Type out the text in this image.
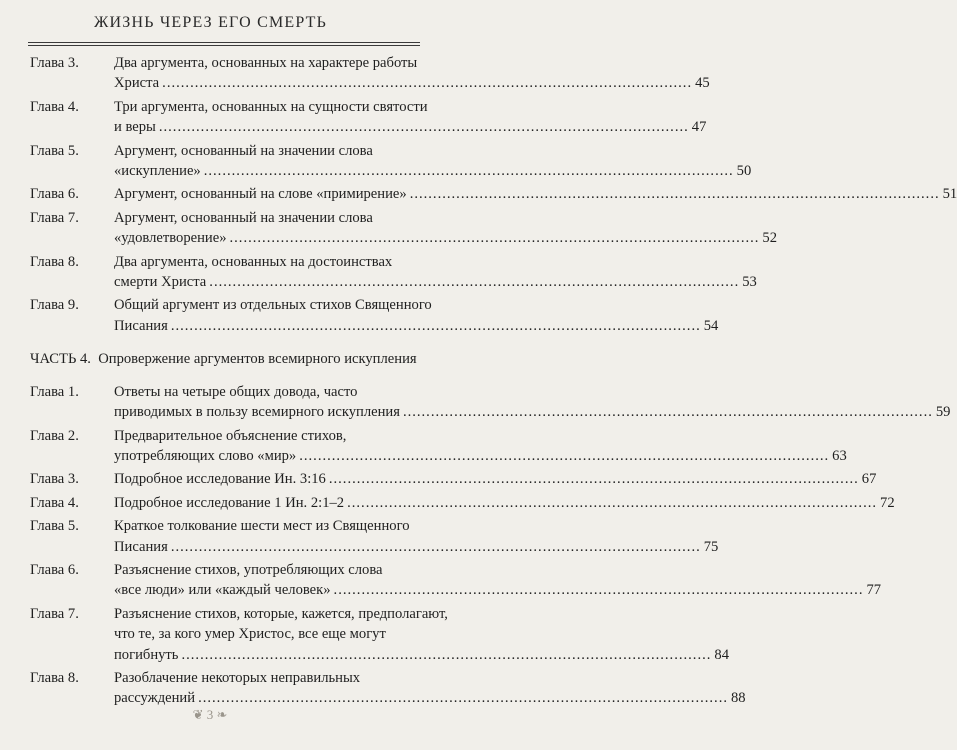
ЖИЗНЬ ЧЕРЕЗ ЕГО СМЕРТЬ
Глава 3.	Два аргумента, основанных на характере работы
Христа .....	45
Глава 4.	Три аргумента, основанных на сущности святости
и веры .....	47
Глава 5.	Аргумент, основанный на значении слова
«искупление» .....	50
Глава 6.	Аргумент, основанный на слове «примирение» .....	51
Глава 7.	Аргумент, основанный на значении слова
«удовлетворение» .....	52
Глава 8.	Два аргумента, основанных на достоинствах
смерти Христа .....	53
Глава 9.	Общий аргумент из отдельных стихов Священного
Писания .....	54
ЧАСТЬ 4. Опровержение аргументов всемирного искупления
Глава 1.	Ответы на четыре общих довода, часто
приводимых в пользу всемирного искупления .....	59
Глава 2.	Предварительное объяснение стихов,
употребляющих слово «мир» .....	63
Глава 3.	Подробное исследование Ин. 3:16 .....	67
Глава 4.	Подробное исследование 1 Ин. 2:1–2 .....	72
Глава 5.	Краткое толкование шести мест из Священного
Писания .....	75
Глава 6.	Разъяснение стихов, употребляющих слова
«все люди» или «каждый человек» .....	77
Глава 7.	Разъяснение стихов, которые, кажется, предполагают,
что те, за кого умер Христос, все еще могут
погибнуть .....	84
Глава 8.	Разоблачение некоторых неправильных
рассуждений .....	88
❦ 3 ❧
